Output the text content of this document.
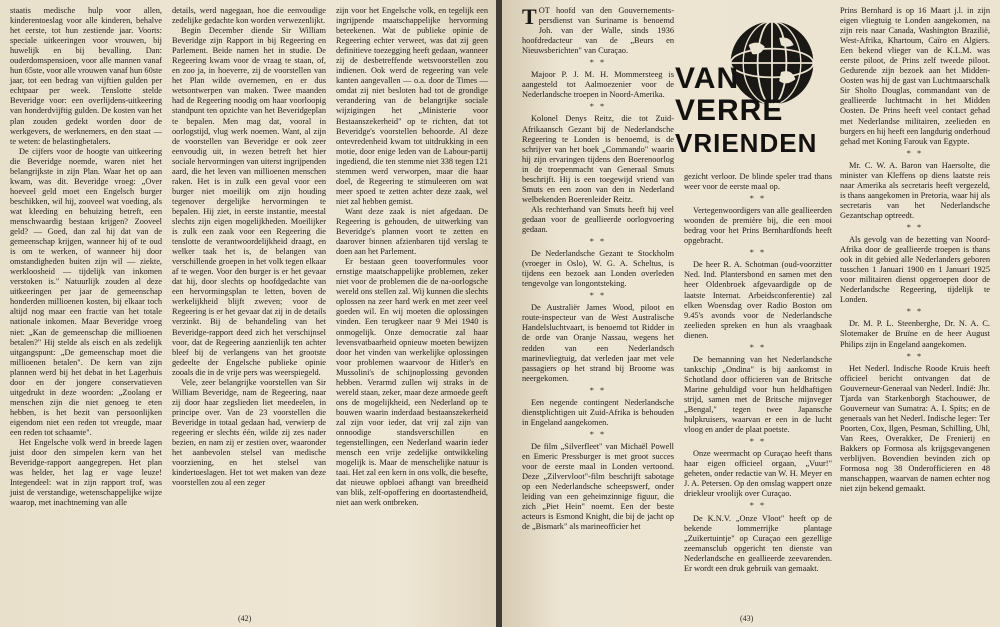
staatis medische hulp voor allen, kinderentoeslag voor alle kinderen, behalve het eerste, tot hun zestiende jaar. Voorts: speciale uitkeeringen voor vrouwen, bij huwelijk en bij bevalling. Dan: ouderdomspensioen, voor alle mannen vanaf hun 65ste, voor alle vrouwen vanaf hun 60ste jaar, tot een bedrag van vijftien gulden per echtpaar per week. Tenslotte stelde Beveridge voor: een overlijdens-uitkeering van honderdvijftig gulden. De kosten van het plan zouden gedekt worden door de werkgevers, de werknemers, en den staat — te weten: de belastingbetalers.

De cijfers voor de hoogte van uitkeering die Beveridge noemde, waren niet het belangrijkste in zijn Plan. Waar het op aan kwam, was dit. Beveridge vroeg: „Over hoeveel geld moet een Engelsch burger beschikken, wil hij, zooveel wat voeding, als wat kleeding en behuizing betreft, een menschwaardig bestaan krijgen? Zooveel geld? — Goed, dan zal hij dat van de gemeenschap krijgen, wanneer hij of te oud is om te werken, of wanneer hij door omstandigheden buiten zijn wil — ziekte, werkloosheid — tijdelijk van inkomen verstoken is." Natuurlijk zouden al deze uitkeeringen per jaar de gemeenschap honderden millioenen kosten, bij elkaar toch altijd nog maar een fractie van het totale nationale inkomen. Maar Beveridge vroeg niet: „Kan de gemeenschap die millioenen betalen?" Hij stelde als eisch en als zedelijk uitgangspunt: „De gemeenschap moet die millioenen betalen". De kern van zijn plannen werd bij het debat in het Lagerhuis door en der jongere conservatieven uitgedrukt in deze woorden: „Zoolang er menschen zijn die niet genoeg te eten hebben, is het bezit van persoonlijken eigendom niet een reden tot vreugde, maar een reden tot schaamte".

Het Engelsche volk werd in breede lagen juist door den simpelen kern van het Beveridge-rapport aangegrepen. Het plan was helder, het lag er vage leuze! Integendeel: wat in zijn rapport trof, was juist de verstandige, wetenschappelijke wijze waarop, met inachtneming van alle

details, werd nagegaan, hoe die eenvoudige zedelijke gedachte kon worden verwezenlijkt.

Begin December diende Sir William Beveridge zijn Rapport in bij Regeering en Parlement. Beide namen het in studie. De Regeering kwam voor de vraag te staan, of, en zoo ja, in hoeverre, zij de voorstellen van het Plan wilde overnemen, en er dus wetsontwerpen van maken. Twee maanden had de Regeering noodig om haar voorloopig standpunt ten opzichte van het Beveridgeplan te bepalen. Men mag dat, vooral in oorlogstijd, vlug werk noemen. Want, al zijn de voorstellen van Beveridge er ook zeer eenvoudig uit, in wezen betreft het hier sociale hervormingen van uiterst ingrijpenden aard, die het leven van millioenen menschen raken. Het is in zulk een geval voor een burger niet moeilijk om zijn houding tegenover dergelijke hervormingen te bepalen. Hij ziet, in eerste instantie, meestal slechts zijn eigen mogelijkheden. Moeilijker is zulk een zaak voor een Regeering die tenslotte de verantwoordelijkheid draagt, en welker taak het is, de belangen van verschillende groepen in het volk tegen elkaar af te wegen. Voor den burger is er het gevaar dat hij, door slechts op hoofdgedachte van een hervormingsplan te letten, boven de werkelijkheid blijft zweven; voor de Regeering is er het gevaar dat zij in de details verzinkt. Bij de behandeling van het Beveridge-rapport deed zich het verschijnsel voor, dat de Regeering aanzienlijk ten achter bleef bij de verlangens van het grootste gedeelte der Engelsche publieke opinie zooals die in de vrije pers was weerspiegeld.

Vele, zeer belangrijke voorstellen van Sir William Beveridge, nam de Regeering, naar zij door haar zegslieden liet meedeelen, in principe over. Van de 23 voorstellen die Beveridge in totaal gedaan had, verwierp de regeering er slechts één, wilde zij zes nader bezien, en nam zij er zestien over, waaronder het aanbevolen stelsel van medische voorziening, en het stelsel van kindertoeslagen. Het tot wet maken van deze voorstellen zou al een zeger

zijn voor het Engelsche volk, en tegelijk een ingrijpende maatschappelijke hervorming beteekenen. Wat de publieke opinie de Regeering echter verweet, was dat zij geen definitieve toezegging heeft gedaan, wanneer zij de desbetreffende wetsvoorstellen zou indienen. Ook werd de regeering van vele kanten aangevallen — o.a. door de Times — omdat zij niet besloten had tot de grondige verandering van de belangrijke sociale wijzigingen het „Ministerie voor Bestaanszekerheid" op te richten, dat tot Beveridge's voorstellen behoorde. Al deze ontevredenheid kwam tot uitdrukking in een motie, door enige leden van de Labour-partij ingediend, die ten stemme niet 338 tegen 121 stemmen werd verworpen, maar die haar doel, de Regeering te stimuleeren om wat meer spoed te zetten achter deze zaak, wel niet zal hebben gemist.

Want deze zaak is niet afgedaan. De Regeering is gehouden, de uitwerking van Beveridge's plannen voort te zetten en daarover binnen afzienbaren tijd verslag te doen aan het Parlement.

Er bestaan geen tooverformules voor ernstige maatschappelijke problemen, zeker niet voor de problemen die de na-oorlogsche wereld ons stellen zal. Wij kunnen die slechts oplossen na zeer hard werk en met zeer veel goeden wil. En wij moeten die oplossingen vinden. Een terugkeer naar 9 Mei 1940 is onmogelijk. Onze democratie zal haar levensvatbaarheid opnieuw moeten bewijzen door het vinden van werkelijke oplossingen voor problemen waarvoor de Hitler's en Mussolini's de schijnoplossing gevonden hebben. Verarmd zullen wij straks in de wereld staan, zeker, maar deze armoede geeft ons de mogelijkheid, een Nederland op te bouwen waarin inderdaad bestaanszekerheid zal zijn voor ieder, dat vrij zal zijn van onnoodige standsverschillen en tegenstellingen, een Nederland waarin ieder mensch een vrije zedelijke ontwikkeling mogelijk is. Maar de menschelijke natuur is taai. Het zal een kern in ons volk, die besefte, dat nieuwe opbloei afhangt van breedheid van blik, zelf-opoffering en doortastendheid, niet aan werk ontbreken.

(42)

TOT hoofd van den Gouvernements-persdienst van Suriname is benoemd Joh. van der Walle, sinds 1936 hoofdredacteur van de „Beurs en Nieuwsberichten" van Curaçao.

* *

Majoor P. J. M. H. Mommersteeg is aangesteld tot Aalmoezenier voor de Nederlandsche troepen in Noord-Amerika.

* *

Kolonel Denys Reitz, die tot Zuid-Afrikaansch Gezant bij de Nederlandsche Regeering te Londen is benoemd, is de schrijver van het boek „Commando" waarin hij zijn ervaringen tijdens den Boerenoorlog in de troepenmacht van Generaal Smuts beschrijft. Hij is een toegewijd vriend van Smuts en een zoon van den in Nederland welbekenden Boerenleider Reitz.

Als rechterhand van Smuts heeft hij veel gedaan voor de geallieerde oorlogvoering gedaan.

* *

De Nederlandsche Gezant te Stockholm (vroeger in Oslo), W. G. A. Scheltus, is tijdens een bezoek aan Londen overleden tengevolge van longontsteking.

* *

De Australiër James Wood, piloot en route-inspecteur van de West Australische Handelsluchtvaart, is benoemd tot Ridder in de orde van Oranje Nassau, wegens het redden van een Nederlandsch marinevliegtuig, dat verleden jaar met vele passagiers op het strand bij Broome was neergekomen.

* *

Een negende contingent Nederlandsche dienstplichtigen uit Zuid-Afrika is behouden in Engeland aangekomen.

* *

De film „Silverfleet" van Michaël Powell en Emeric Pressburger is met groot succes voor de eerste maal in Londen vertoond. Deze „Zilvervloot"-film beschrijft sabotage op een Nederlandsche scheepswerf, onder leiding van een geheimzinnige figuur, die zich „Piet Hein" noemt. Een der beste acteurs is Esmond Knight, die bij de jacht op de „Bismark" als marineofficier het

VAN
VERRE
VRIENDEN

gezicht verloor. De blinde speler trad thans weer voor de eerste maal op.

* *

Vertegenwoordigers van alle geallieerden woonden de première bij, die een mooi bedrag voor het Prins Bernhardfonds heeft opgebracht.

* *

De heer R. A. Schotman (oud-voorzitter Ned. Ind. Plantersbond en samen met den heer Oldenbroek afgevaardigde op de laatste Internat. Arbeidsconferentie) zal elken Woensdag over Radio Boston om 9.45's avonds voor de Nederlandsche zeelieden spreken en hun als vraagbaak dienen.

* *

De bemanning van het Nederlandsche tankschip „Ondina" is bij aankomst in Schotland door officieren van de Britsche Marine gehuldigd voor hun heldhaftigen strijd, samen met de Britsche mijnveger „Bengal," tegen twee Japansche hulpkruisers, waarvan er een in de lucht vloog en ander de plaat poetste.

* *

Onze weermacht op Curaçao heeft thans haar eigen officieel orgaan, „Vuur!" geheten, onder redactie van W. H. Meyer en J. A. Petersen. Op den omslag wappert onze driekleur vroolijk over Curaçao.

* *

De K.N.V. „Onze Vloot" heeft op de bekende lommerrijke plantage „Zuikertuintje" op Curaçao een gezellige zeemansclub opgericht ten dienste van Nederlandsche en geallieerde zeevarenden. Er wordt een druk gebruik van gemaakt.

Prins Bernhard is op 16 Maart j.l. in zijn eigen vliegtuig te Londen aangekomen, na zijn reis naar Canada, Washington Brazilië, West-Afrika, Khartoum, Caïro en Algiers. Een bekend vlieger van de K.L.M. was eerste piloot, de Prins zelf tweede piloot. Gedurende zijn bezoek aan het Midden-Oosten was hij de gast van Luchtmaarschalk Sir Sholto Douglas, commandant van de geallieerde luchtmacht in het Midden Oosten. De Prins heeft veel contact gehad met Nederlandse militairen, zeelieden en burgers en hij heeft een langdurig onderhoud gehad met Koning Farouk van Egypte.

* *

Mr. C. W. A. Baron van Haersolte, die minister van Kleffens op diens laatste reis naar Amerika als secretaris heeft vergezeld, is thans aangekomen in Pretoria, waar hij als secretaris van het Nederlandsche Gezantschap optreedt.

* *

Als gevolg van de bezetting van Noord-Afrika door de geallieerde troepen is thans ook in dit gebied alle Nederlanders geboren tusschen 1 Januari 1900 en 1 Januari 1925 voor militairen dienst opgeroepen door de Nederlandsche Regeering, tijdelijk te Londen.

* *

Dr. M. P. L. Steenberghe, Dr. N. A. C. Slotemaker de Bruïne en de heer August Philips zijn in Engeland aangekomen.

* *

Het Nederl. Indische Roode Kruis heeft officieel bericht ontvangen dat de Gouverneur-Generaal van Nederl. Indië: Jhr. Tjarda van Starkenborgh Stachouwer, de Gouverneur van Sumatra: A. I. Spits; en de generaals van het Nederl. Indische leger: Ter Poorten, Cox, Ilgen, Pesman, Schilling, Uhl, Van Rees, Overakker, De Frenierij en Bakkers op Formosa als krijgsgevangenen verblijven. Bovendien bevinden zich op Formosa nog 38 Onderofficieren en 48 manschappen, waarvan de namen echter nog niet zijn bekend gemaakt.

(43)
